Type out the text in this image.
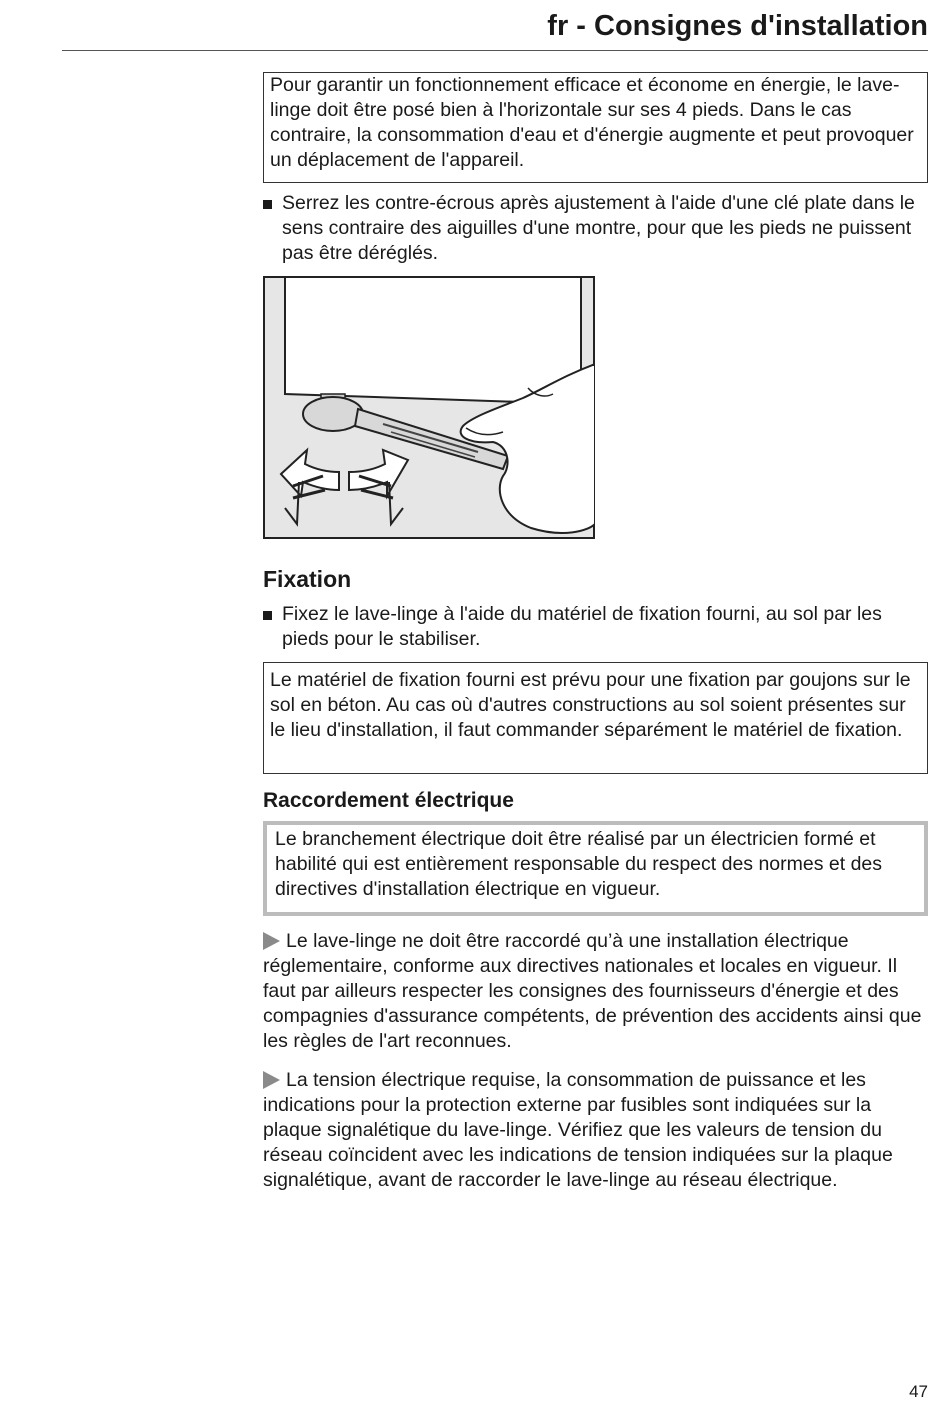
fr - Consignes d'installation
Pour garantir un fonctionnement efficace et économe en énergie, le lave-linge doit être posé bien à l'horizontale sur ses 4 pieds. Dans le cas contraire, la consommation d'eau et d'énergie augmente et peut provoquer un déplacement de l'appareil.
Serrez les contre-écrous après ajustement à l'aide d'une clé plate dans le sens contraire des aiguilles d'une montre, pour que les pieds ne puissent pas être déréglés.
Fixation
Fixez le lave-linge à l'aide du matériel de fixation fourni, au sol par les pieds pour le stabiliser.
Le matériel de fixation fourni est prévu pour une fixation par goujons sur le sol en béton. Au cas où d'autres constructions au sol soient présentes sur le lieu d'installation, il faut commander séparément le matériel de fixation.
Raccordement électrique
Le branchement électrique doit être réalisé par un électricien formé et habilité qui est entièrement responsable du respect des normes et des directives d'installation électrique en vigueur.
Le lave-linge ne doit être raccordé qu’à une installation électrique réglementaire, conforme aux directives nationales et locales en vigueur. Il faut par ailleurs respecter les consignes des fournisseurs d'énergie et des compagnies d'assurance compétents, de prévention des accidents ainsi que les règles de l'art reconnues.
La tension électrique requise, la consommation de puissance et les indications pour la protection externe par fusibles sont indiquées sur la plaque signalétique du lave-linge. Vérifiez que les valeurs de tension du réseau coïncident avec les indications de tension indiquées sur la plaque signalétique, avant de raccorder le lave-linge au réseau électrique.
47
